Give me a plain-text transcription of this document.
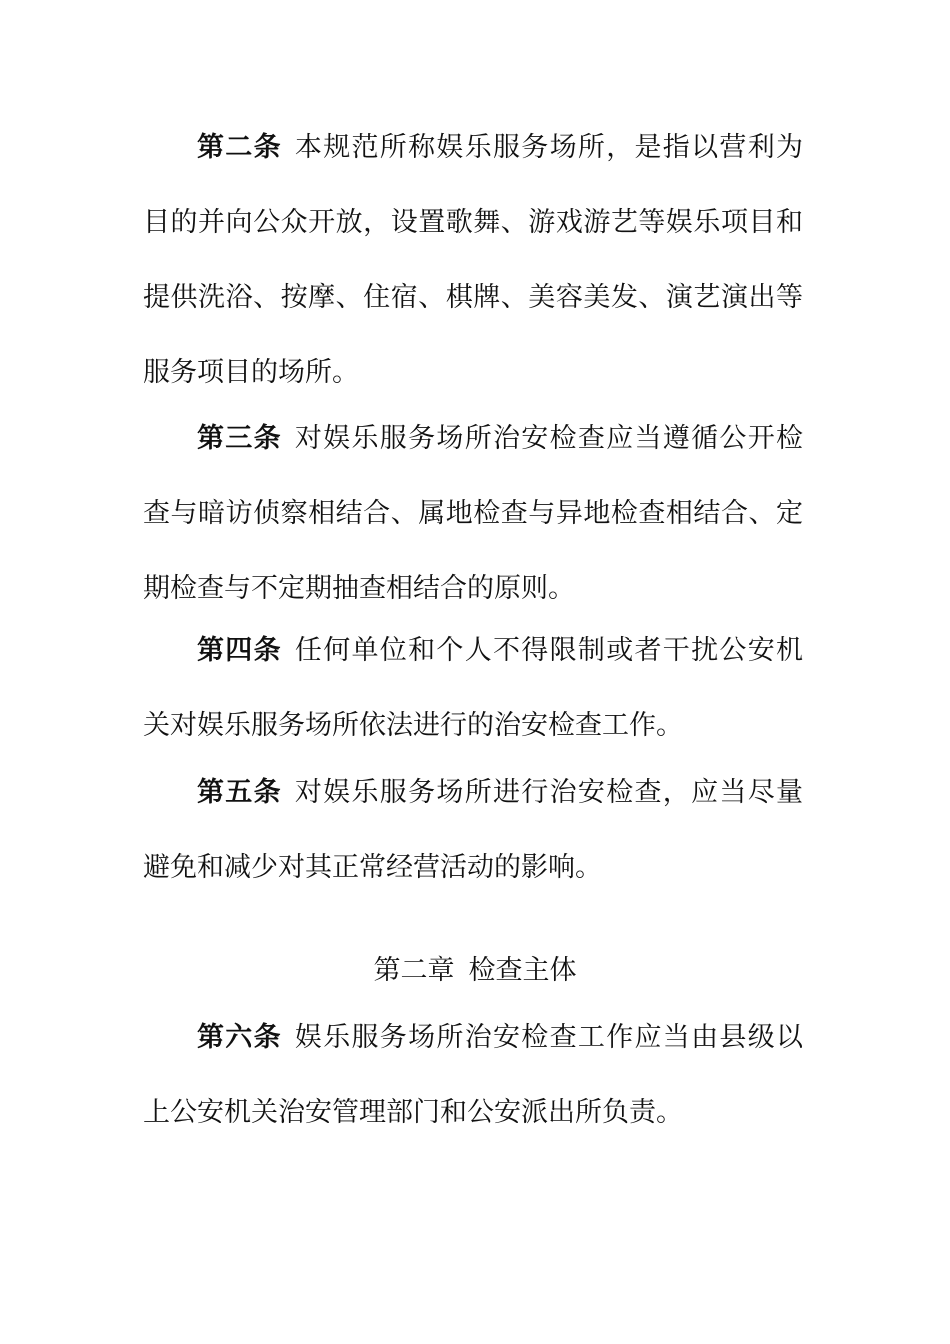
第二条 本规范所称娱乐服务场所，是指以营利为目的并向公众开放，设置歌舞、游戏游艺等娱乐项目和提供洗浴、按摩、住宿、棋牌、美容美发、演艺演出等服务项目的场所。

第三条 对娱乐服务场所治安检查应当遵循公开检查与暗访侦察相结合、属地检查与异地检查相结合、定期检查与不定期抽查相结合的原则。

第四条 任何单位和个人不得限制或者干扰公安机关对娱乐服务场所依法进行的治安检查工作。

第五条 对娱乐服务场所进行治安检查，应当尽量避免和减少对其正常经营活动的影响。

第二章 检查主体

第六条 娱乐服务场所治安检查工作应当由县级以上公安机关治安管理部门和公安派出所负责。
